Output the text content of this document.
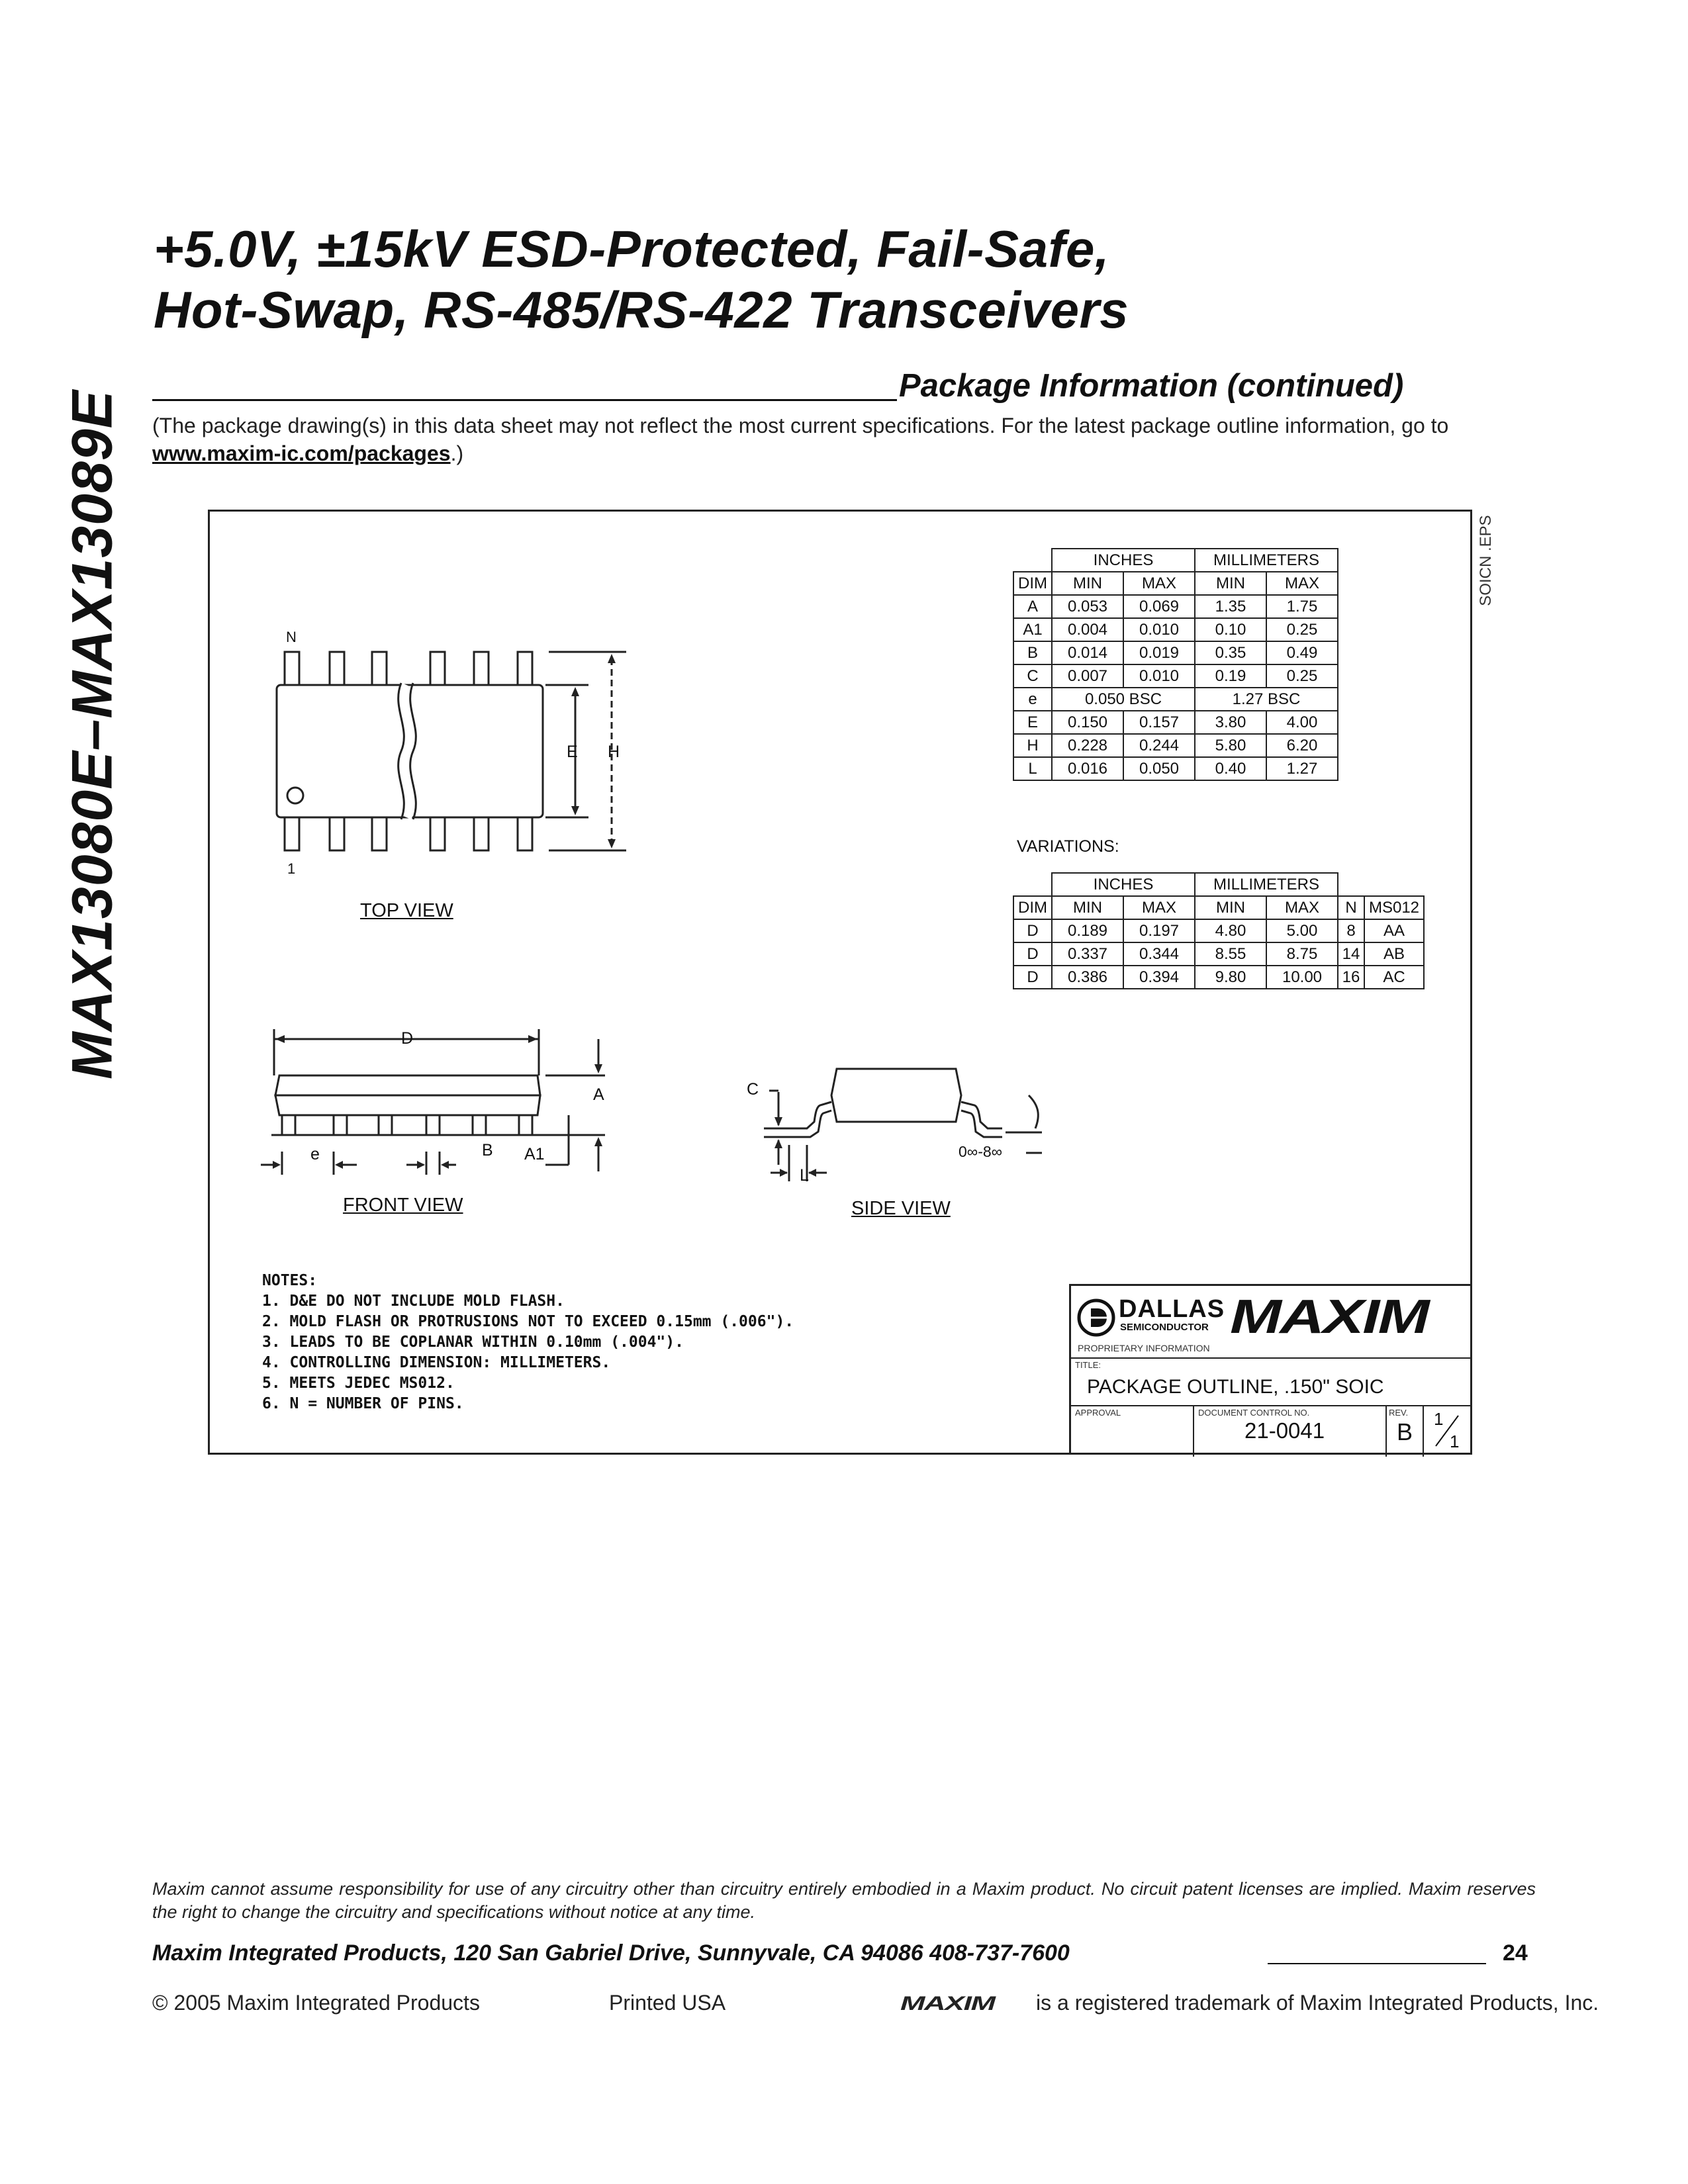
+5.0V, ±15kV ESD-Protected, Fail-Safe,
Hot-Swap, RS-485/RS-422 Transceivers
MAX13080E–MAX13089E
Package Information (continued)
(The package drawing(s) in this data sheet may not reflect the most current specifications. For the latest package outline information, go to www.maxim-ic.com/packages.)
SOICN .EPS
N
1
E H
TOP VIEW
D
A
A1
e	B
FRONT VIEW
C
L
0∞-8∞
SIDE VIEW
	INCHES		MILLIMETERS	
DIM	MIN	MAX	MIN	MAX
A	0.053	0.069	1.35	1.75
A1	0.004	0.010	0.10	0.25
B	0.014	0.019	0.35	0.49
C	0.007	0.010	0.19	0.25
e	0.050 BSC		1.27 BSC	
E	0.150	0.157	3.80	4.00
H	0.228	0.244	5.80	6.20
L	0.016	0.050	0.40	1.27
VARIATIONS:
	INCHES		MILLIMETERS			
DIM	MIN	MAX	MIN	MAX	N	MS012
D	0.189	0.197	4.80	5.00	8	AA
D	0.337	0.344	8.55	8.75	14	AB
D	0.386	0.394	9.80	10.00	16	AC
NOTES:
1. D&E DO NOT INCLUDE MOLD FLASH.
2. MOLD FLASH OR PROTRUSIONS NOT TO EXCEED 0.15mm (.006").
3. LEADS TO BE COPLANAR WITHIN 0.10mm (.004").
4. CONTROLLING DIMENSION: MILLIMETERS.
5. MEETS JEDEC MS012.
6. N = NUMBER OF PINS.
DALLAS
SEMICONDUCTOR MAXIM
PROPRIETARY INFORMATION
TITLE:
PACKAGE OUTLINE, .150" SOIC
APPROVAL	DOCUMENT CONTROL NO.
21-0041
REV.
B 1
1
Maxim cannot assume responsibility for use of any circuitry other than circuitry entirely embodied in a Maxim product. No circuit patent licenses are implied. Maxim reserves the right to change the circuitry and specifications without notice at any time.
Maxim Integrated Products, 120 San Gabriel Drive, Sunnyvale, CA 94086 408-737-7600	24
© 2005 Maxim Integrated Products	Printed USA	MAXIM is a registered trademark of Maxim Integrated Products, Inc.
